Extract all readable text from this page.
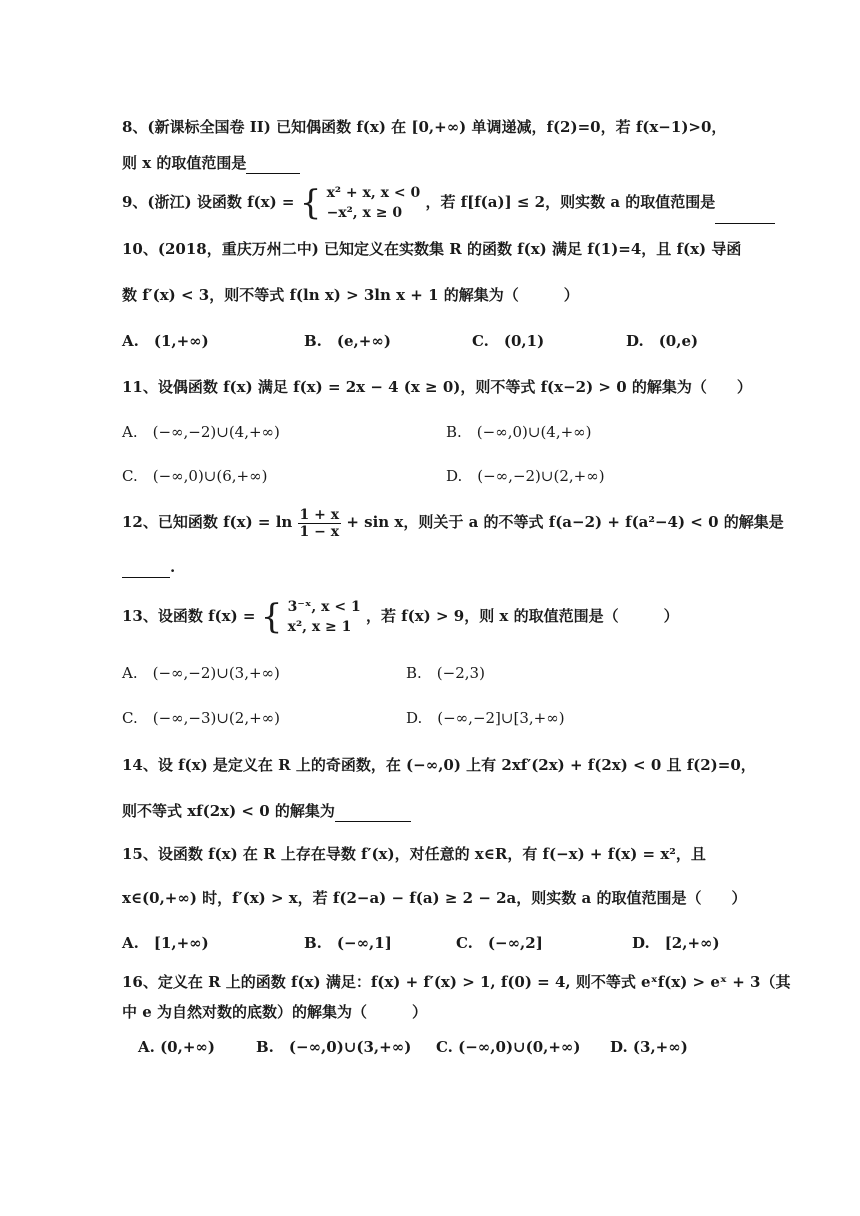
8、(新课标全国卷 II) 已知偶函数 f(x) 在 [0,+∞) 单调递减，f(2)=0，若 f(x−1)>0，
则 x 的取值范围是
9、(浙江) 设函数 f(x) = { x² + x, x < 0
−x², x ≥ 0
，若 f[f(a)] ≤ 2，则实数 a 的取值范围是
10、(2018，重庆万州二中) 已知定义在实数集 R 的函数 f(x) 满足 f(1)=4，且 f(x) 导函
数 f′(x) < 3，则不等式 f(ln x) > 3ln x + 1 的解集为（　　　）
A.　(1,+∞)	B.　(e,+∞)	C.　(0,1)	D.　(0,e)
11、设偶函数 f(x) 满足 f(x) = 2x − 4 (x ≥ 0)，则不等式 f(x−2) > 0 的解集为（　　）
A.　(−∞,−2)∪(4,+∞)	B.　(−∞,0)∪(4,+∞)
C.　(−∞,0)∪(6,+∞)	D.　(−∞,−2)∪(2,+∞)
12、已知函数 $f(x) = \ln \frac{1 + x}{1 - x} + \sin x$，则关于 a 的不等式 f(a−2) + f(a²−4) < 0 的解集是
.
13、设函数 f(x) = { 3⁻ˣ, x < 1
x², x ≥ 1
，若 f(x) > 9，则 x 的取值范围是（　　　）
A.　(−∞,−2)∪(3,+∞)	B.　(−2,3)
C.　(−∞,−3)∪(2,+∞)	D.　(−∞,−2]∪[3,+∞)
14、设 f(x) 是定义在 R 上的奇函数，在 (−∞,0) 上有 2xf′(2x) + f(2x) < 0 且 f(2)=0，
则不等式 xf(2x) < 0 的解集为
15、设函数 f(x) 在 R 上存在导数 f′(x)，对任意的 x∈R，有 f(−x) + f(x) = x²，且
x∈(0,+∞) 时，f′(x) > x，若 f(2−a) − f(a) ≥ 2 − 2a，则实数 a 的取值范围是（　　）
A.　[1,+∞)	B.　(−∞,1]	C.　(−∞,2]	D.　[2,+∞)
16、定义在 R 上的函数 f(x) 满足：f(x) + f′(x) > 1, f(0) = 4, 则不等式 eˣf(x) > eˣ + 3（其
中 e 为自然对数的底数）的解集为（　　　）
A. (0,+∞)	B.　(−∞,0)∪(3,+∞) C. (−∞,0)∪(0,+∞) D. (3,+∞)
